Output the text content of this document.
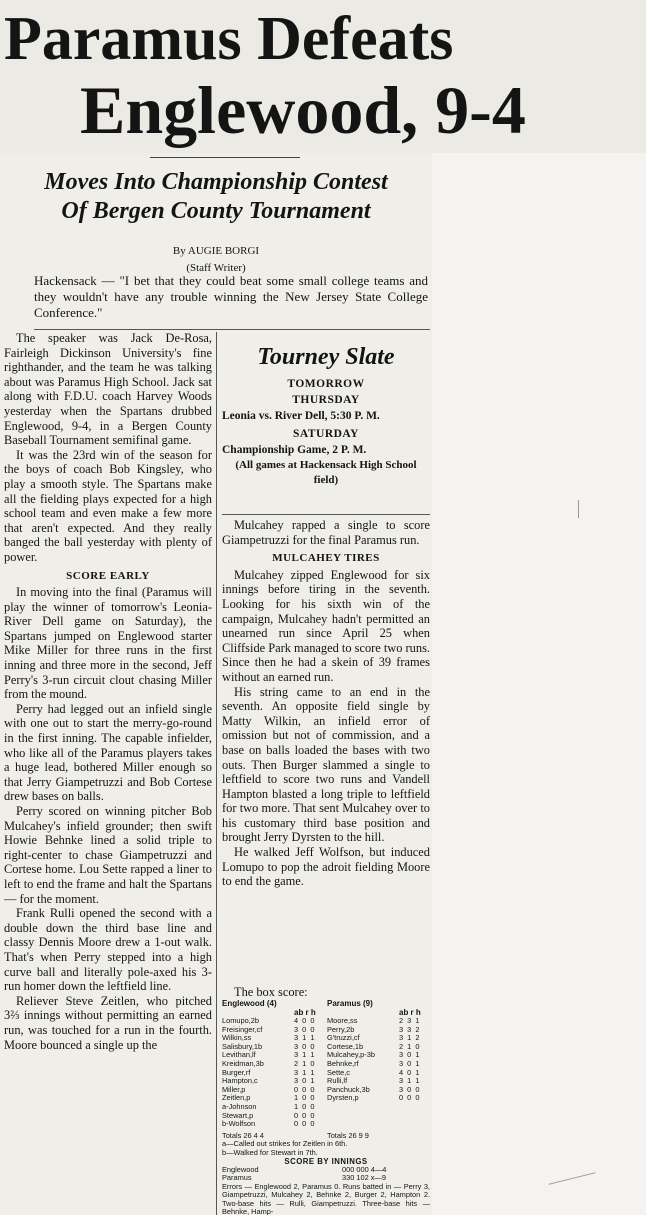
Paramus Defeats
Englewood, 9-4
Moves Into Championship Contest
Of Bergen County Tournament
By AUGIE BORGI
(Staff Writer)
Hackensack — "I bet that they could beat some small college teams and they wouldn't have any trouble winning the New Jersey State College Conference."

The speaker was Jack De-Rosa, Fairleigh Dickinson University's fine righthander, and the team he was talking about was Paramus High School. Jack sat along with F.D.U. coach Harvey Woods yesterday when the Spartans drubbed Englewood, 9-4, in a Bergen County Baseball Tournament semifinal game.

It was the 23rd win of the season for the boys of coach Bob Kingsley, who play a smooth style. The Spartans make all the fielding plays expected for a high school team and even make a few more that aren't expected. And they really banged the ball yesterday with plenty of power.

SCORE EARLY

In moving into the final (Paramus will play the winner of tomorrow's Leonia-River Dell game on Saturday), the Spartans jumped on Englewood starter Mike Miller for three runs in the first inning and three more in the second, Jeff Perry's 3-run circuit clout chasing Miller from the mound.

Perry had legged out an infield single with one out to start the merry-go-round in the first inning. The capable infielder, who like all of the Paramus players takes a huge lead, bothered Miller enough so that Jerry Giampetruzzi and Bob Cortese drew bases on balls.

Perry scored on winning pitcher Bob Mulcahey's infield grounder; then swift Howie Behnke lined a solid triple to right-center to chase Giampetruzzi and Cortese home. Lou Sette rapped a liner to left to end the frame and halt the Spartans — for the moment.

Frank Rulli opened the second with a double down the third base line and classy Dennis Moore drew a 1-out walk. That's when Perry stepped into a high curve ball and literally pole-axed his 3-run homer down the leftfield line.

Reliever Steve Zeitlen, who pitched 3⅔ innings without permitting an earned run, was touched for a run in the fourth. Moore bounced a single up the

Tourney Slate
TOMORROW
THURSDAY
Leonia vs. River Dell, 5:30 P. M.
SATURDAY
Championship Game, 2 P. M.
(All games at Hackensack High School field)

Mulcahey rapped a single to score Giampetruzzi for the final Paramus run.

MULCAHEY TIRES

Mulcahey zipped Englewood for six innings before tiring in the seventh. Looking for his sixth win of the campaign, Mulcahey hadn't permitted an unearned run since April 25 when Cliffside Park managed to score two runs. Since then he had a skein of 39 frames without an earned run.

His string came to an end in the seventh. An opposite field single by Matty Wilkin, an infield error of omission but not of commission, and a base on balls loaded the bases with two outs. Then Burger slammed a single to leftfield to score two runs and Vandell Hampton blasted a long triple to leftfield for two more. That sent Mulcahey over to his customary third base position and brought Jerry Dyrsten to the hill.

He walked Jeff Wolfson, but induced Lomupo to pop the adroit fielding Moore to end the game.

The box score:
Englewood (4)
ab r h
Lomupo,2b	4 0 0
Freisinger,cf	3 0 0
Wilkin,ss	3 1 1
Salisbury,1b	3 0 0
Levithan,lf	3 1 1
Kreidman,3b	2 1 0
Burger,rf	3 1 1
Hampton,c	3 0 1
Miller,p	0 0 0
Zeitlen,p	1 0 0
a-Johnson	1 0 0
Stewart,p	0 0 0
b-Wolfson	0 0 0
Paramus (9)
ab r h
Moore,ss	2 3 1
Perry,2b	3 3 2
G'truzzi,cf	3 1 2
Cortese,1b	2 1 0
Mulcahey,p-3b	3 0 1
Behnke,rf	3 0 1
Sette,c	4 0 1
Rulli,lf	3 1 1
Panchuck,3b	3 0 0
Dyrsten,p	0 0 0
Totals 26 4 4	Totals 26 9 9
a—Called out strikes for Zeitlen in 6th.
b—Walked for Stewart in 7th.
SCORE BY INNINGS
Englewood	000 000 4—4
Paramus	330 102 x—9
Errors — Englewood 2, Paramus 0. Runs batted in — Perry 3, Giampetruzzi, Mulcahey 2, Behnke 2, Burger 2, Hampton 2. Two-base hits — Rulli, Giampetruzzi. Three-base hits — Behnke, Hamp-
